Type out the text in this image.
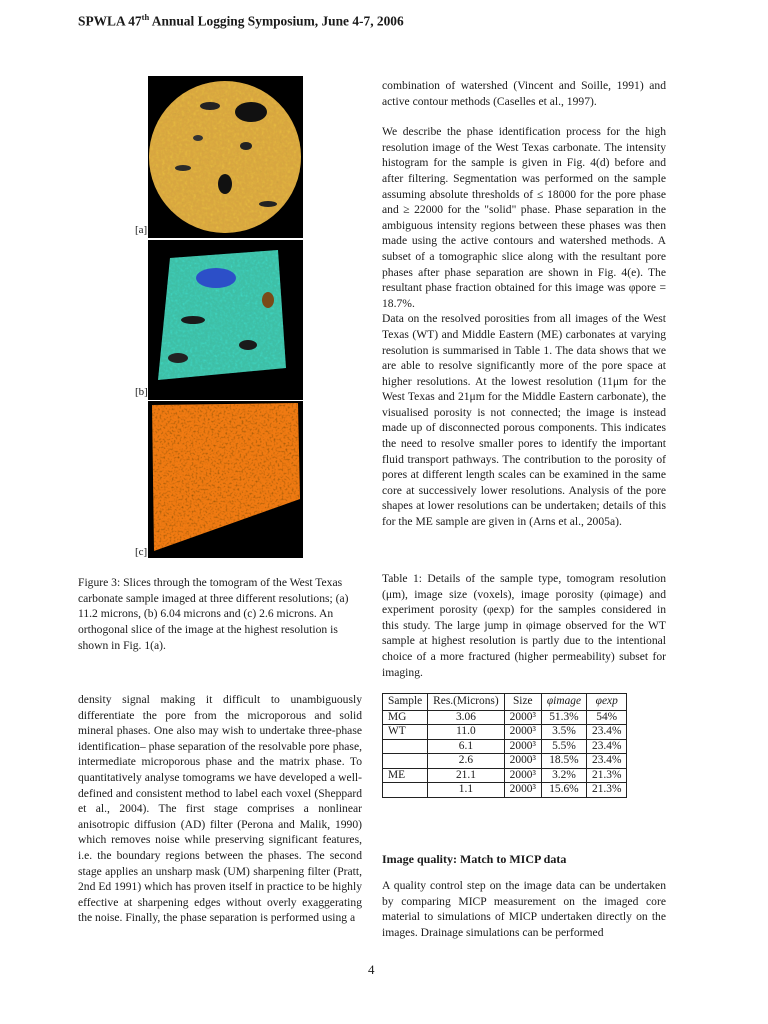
SPWLA 47th Annual Logging Symposium, June 4-7, 2006
[a]
[b]
[c]
Figure 3: Slices through the tomogram of the West Texas carbonate sample imaged at three different resolutions; (a) 11.2 microns, (b) 6.04 microns and (c) 2.6 microns. An orthogonal slice of the image at the highest resolution is shown in Fig. 1(a).

density signal making it difficult to unambiguously differentiate the pore from the microporous and solid mineral phases. One also may wish to undertake three-phase identification– phase separation of the resolvable pore phase, intermediate microporous phase and the matrix phase. To quantitatively analyse tomograms we have developed a well-defined and consistent method to label each voxel (Sheppard et al., 2004). The first stage comprises a nonlinear anisotropic diffusion (AD) filter (Perona and Malik, 1990) which removes noise while preserving significant features, i.e. the boundary regions between the phases. The second stage applies an unsharp mask (UM) sharpening filter (Pratt, 2nd Ed 1991) which has proven itself in practice to be highly effective at sharpening edges without overly exaggerating the noise. Finally, the phase separation is performed using a

combination of watershed (Vincent and Soille, 1991) and active contour methods (Caselles et al., 1997).

We describe the phase identification process for the high resolution image of the West Texas carbonate. The intensity histogram for the sample is given in Fig. 4(d) before and after filtering. Segmentation was performed on the sample assuming absolute thresholds of ≤ 18000 for the pore phase and ≥ 22000 for the "solid" phase. Phase separation in the ambiguous intensity regions between these phases was then made using the active contours and watershed methods. A subset of a tomographic slice along with the resultant pore phases after phase separation are shown in Fig. 4(e). The resultant phase fraction obtained for this image was φpore = 18.7%.

Data on the resolved porosities from all images of the West Texas (WT) and Middle Eastern (ME) carbonates at varying resolution is summarised in Table 1. The data shows that we are able to resolve significantly more of the pore space at higher resolutions. At the lowest resolution (11μm for the West Texas and 21μm for the Middle Eastern carbonate), the visualised porosity is not connected; the image is instead made up of disconnected porous components. This indicates the need to resolve smaller pores to identify the important fluid transport pathways. The contribution to the porosity of pores at different length scales can be examined in the same core at successively lower resolutions. Analysis of the pore shapes at lower resolutions can be undertaken; details of this for the ME sample are given in (Arns et al., 2005a).

Table 1: Details of the sample type, tomogram resolution (μm), image size (voxels), image porosity (φimage) and experiment porosity (φexp) for the samples considered in this study. The large jump in φimage observed for the WT sample at highest resolution is partly due to the intentional choice of a more fractured (higher permeability) subset for imaging.

Sample	Res.(Microns)	Size	φimage	φexp
MG	3.06	2000³	51.3%	54%
WT	11.0	2000³	3.5%	23.4%
	6.1	2000³	5.5%	23.4%
	2.6	2000³	18.5%	23.4%
ME	21.1	2000³	3.2%	21.3%
	1.1	2000³	15.6%	21.3%
Image quality: Match to MICP data

A quality control step on the image data can be undertaken by comparing MICP measurement on the imaged core material to simulations of MICP undertaken directly on the images. Drainage simulations can be performed

4
